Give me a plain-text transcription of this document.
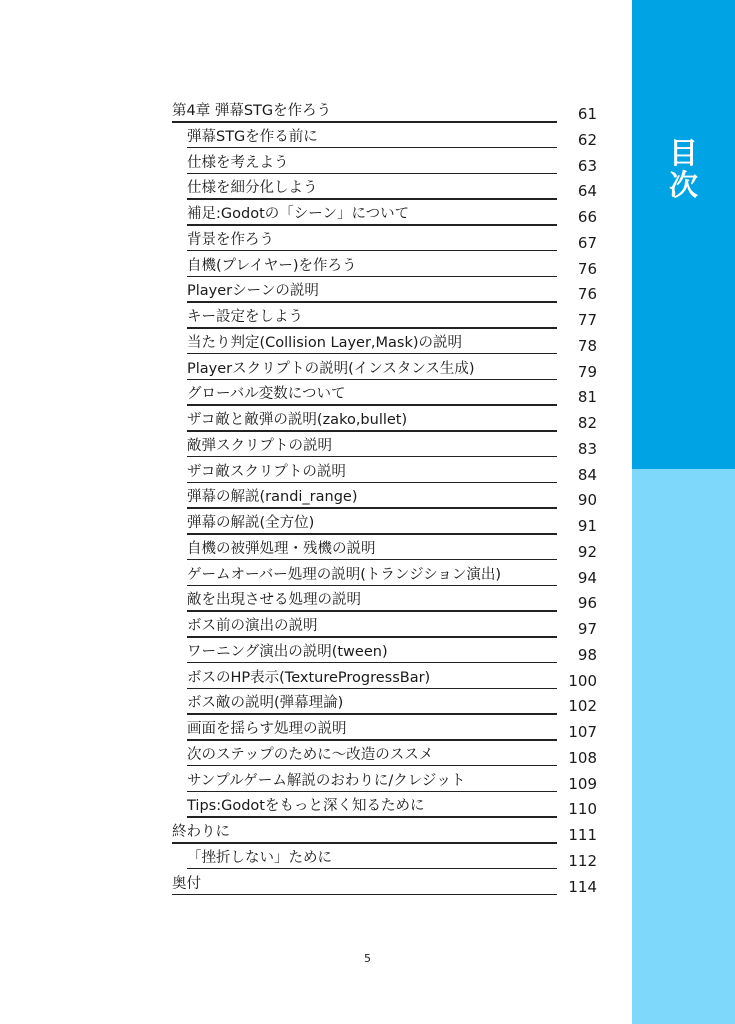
目
次
第4章 弾幕STGを作ろう	61
弾幕STGを作る前に	62
仕様を考えよう	63
仕様を細分化しよう	64
補足:Godotの「シーン」について	66
背景を作ろう	67
自機(プレイヤー)を作ろう	76
Playerシーンの説明	76
キー設定をしよう	77
当たり判定(Collision Layer,Mask)の説明	78
Playerスクリプトの説明(インスタンス生成)	79
グローバル変数について	81
ザコ敵と敵弾の説明(zako,bullet)	82
敵弾スクリプトの説明	83
ザコ敵スクリプトの説明	84
弾幕の解説(randi_range)	90
弾幕の解説(全方位)	91
自機の被弾処理・残機の説明	92
ゲームオーバー処理の説明(トランジション演出)	94
敵を出現させる処理の説明	96
ボス前の演出の説明	97
ワーニング演出の説明(tween)	98
ボスのHP表示(TextureProgressBar)	100
ボス敵の説明(弾幕理論)	102
画面を揺らす処理の説明	107
次のステップのために～改造のススメ	108
サンプルゲーム解説のおわりに/クレジット	109
Tips:Godotをもっと深く知るために	110
終わりに	111
「挫折しない」ために	112
奥付	114
5
